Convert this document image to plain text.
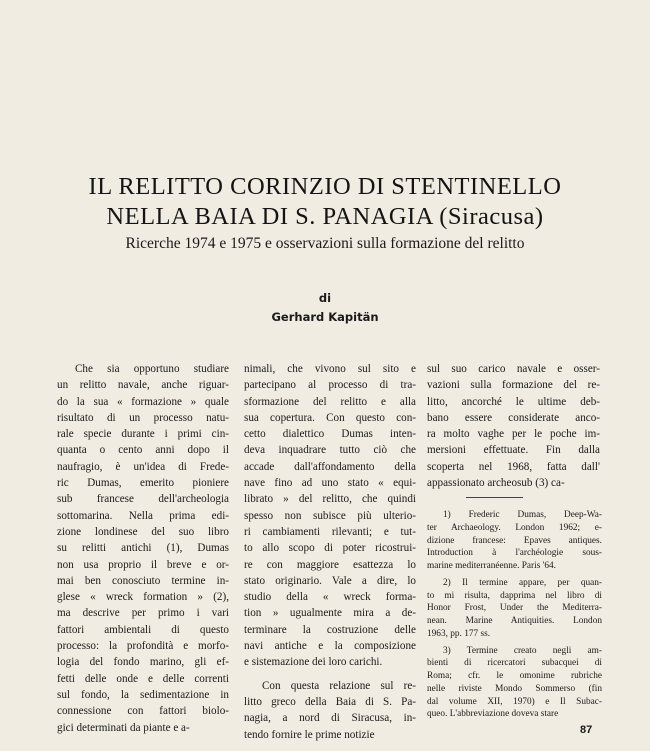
IL RELITTO CORINZIO DI STENTINELLO
NELLA BAIA DI S. PANAGIA (Siracusa)
Ricerche 1974 e 1975 e osservazioni sulla formazione del relitto
di
Gerhard Kapitän

Che sia opportuno studiare

un relitto navale, anche riguar-

do la sua « formazione » quale

risultato di un processo natu-

rale specie durante i primi cin-

quanta o cento anni dopo il

naufragio, è un'idea di Frede-

ric Dumas, emerito pioniere

sub francese dell'archeologia

sottomarina. Nella prima edi-

zione londinese del suo libro

su relitti antichi (1), Dumas

non usa proprio il breve e or-

mai ben conosciuto termine in-

glese « wreck formation » (2),

ma descrive per primo i vari

fattori ambientali di questo

processo: la profondità e morfo-

logia del fondo marino, gli ef-

fetti delle onde e delle correnti

sul fondo, la sedimentazione in

connessione con fattori biolo-

gici determinati da piante e a-

nimali, che vivono sul sito e

partecipano al processo di tra-

sformazione del relitto e alla

sua copertura. Con questo con-

cetto dialettico Dumas inten-

deva inquadrare tutto ciò che

accade dall'affondamento della

nave fino ad uno stato « equi-

librato » del relitto, che quindi

spesso non subisce più ulterio-

ri cambiamenti rilevanti; e tut-

to allo scopo di poter ricostrui-

re con maggiore esattezza lo

stato originario. Vale a dire, lo

studio della « wreck forma-

tion » ugualmente mira a de-

terminare la costruzione delle

navi antiche e la composizione

e sistemazione dei loro carichi.

Con questa relazione sul re-

litto greco della Baia di S. Pa-

nagia, a nord di Siracusa, in-

tendo fornire le prime notizie

sul suo carico navale e osser-

vazioni sulla formazione del re-

litto, ancorché le ultime deb-

bano essere considerate anco-

ra molto vaghe per le poche im-

mersioni effettuate. Fin dalla

scoperta nel 1968, fatta dall'

appassionato archeosub (3) ca-

1) Frederic Dumas, Deep-Wa-

ter Archaeology. London 1962; e-

dizione francese: Epaves antiques.

Introduction à l'archéologie sous-

marine mediterranéenne. Paris '64.

2) Il termine appare, per quan-

to mi risulta, dapprima nel libro di

Honor Frost, Under the Mediterra-

nean. Marine Antiquities. London

1963, pp. 177 ss.

3) Termine creato negli am-

bienti di ricercatori subacquei di

Roma; cfr. le omonime rubriche

nelle riviste Mondo Sommerso (fin

dal volume XII, 1970) e Il Subac-

queo. L'abbreviazione doveva stare

87
